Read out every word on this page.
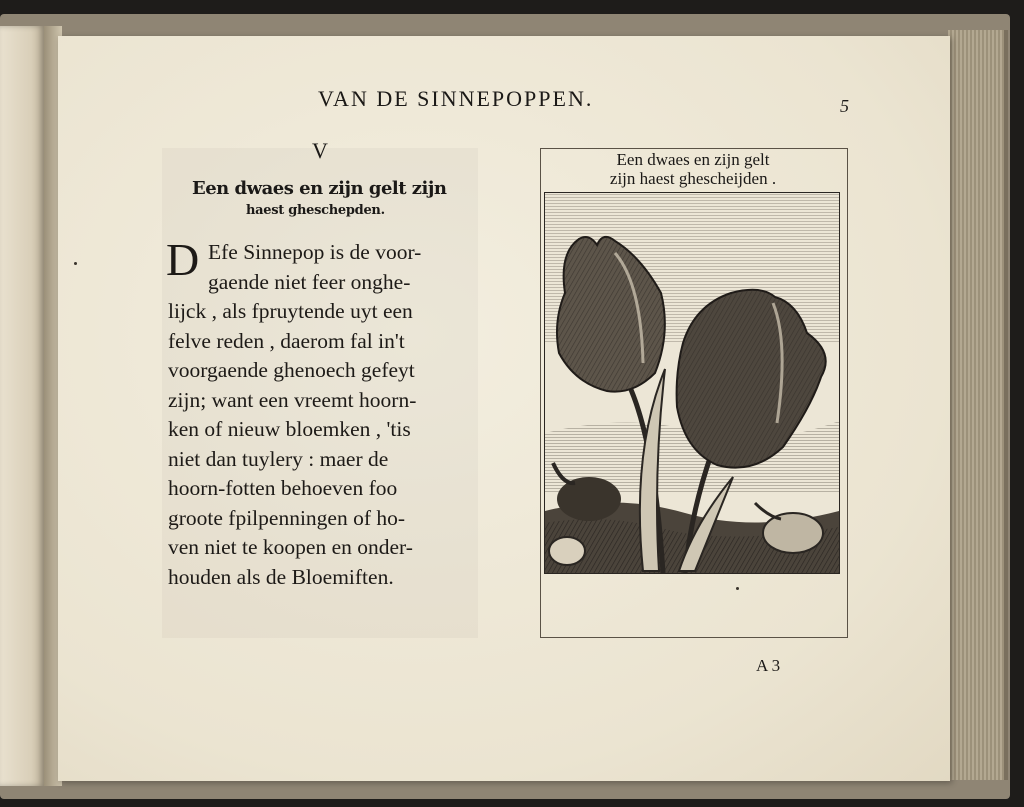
VAN DE SINNEPOPPEN.	5
V
Een dwaes en zijn gelt zijn
haest gheschepden.
D Efe Sinnepop is de voor-
gaende niet feer onghe-
lijck , als fpruytende uyt een
felve reden , daerom fal in't
voorgaende ghenoech gefeyt
zijn; want een vreemt hoorn-
ken of nieuw bloemken , 'tis
niet dan tuylery : maer de
hoorn-fotten behoeven foo
groote fpilpenningen of ho-
ven niet te koopen en onder-
houden als de Bloemiften.
Een dwaes en zijn gelt
zijn haest ghescheijden .
A 3
